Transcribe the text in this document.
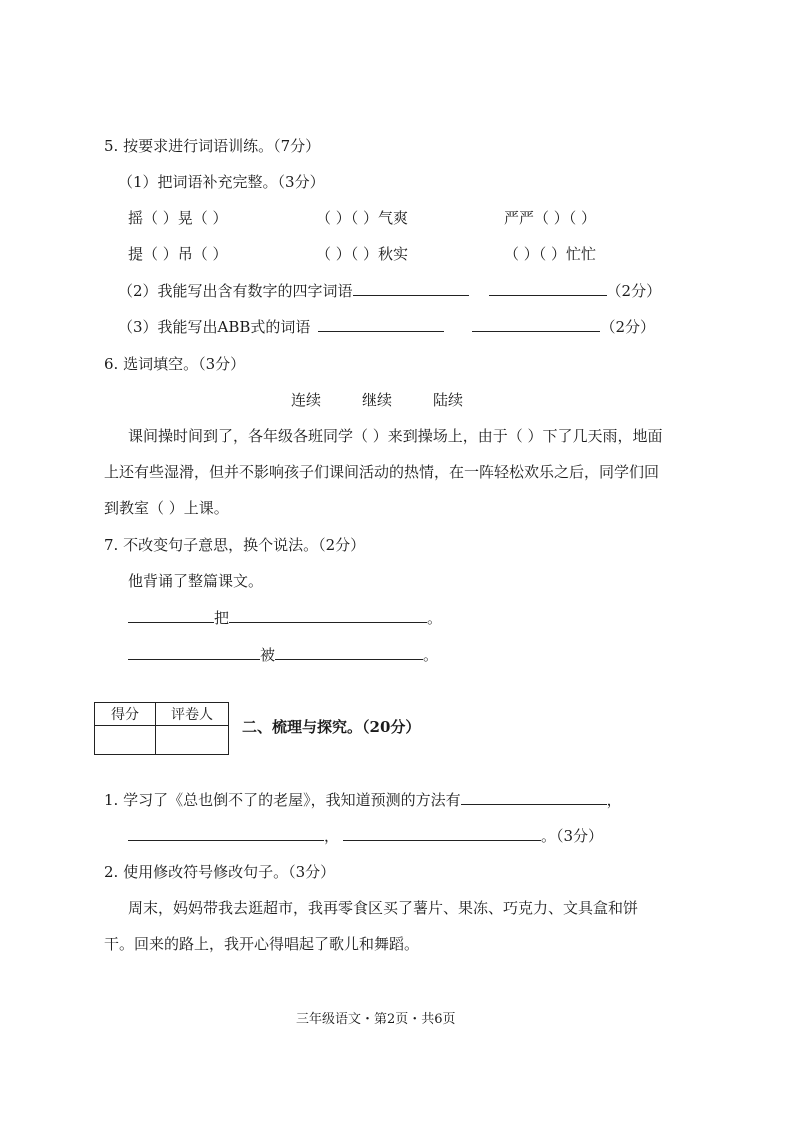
5. 按要求进行词语训练。（7分）
（1）把词语补充完整。（3分）
摇（ ）晃（ ）	（ ）（ ）气爽	严严（ ）（ ）
提（ ）吊（ ）	（ ）（ ）秋实	（ ）（ ）忙忙
（2）我能写出含有数字的四字词语	（2分）
（3）我能写出ABB式的词语	（2分）
6. 选词填空。（3分）
连续	继续	陆续
课间操时间到了，各年级各班同学（ ）来到操场上，由于（ ）下了几天雨，地面上还有些湿滑，但并不影响孩子们课间活动的热情，在一阵轻松欢乐之后，同学们回到教室（ ）上课。
7. 不改变句子意思，换个说法。（2分）
他背诵了整篇课文。
把	。
被	。
得分	评卷人

二、梳理与探究。（20分）
1. 学习了《总也倒不了的老屋》，我知道预测的方法有	，
，	。（3分）
2. 使用修改符号修改句子。（3分）
周末，妈妈带我去逛超市，我再零食区买了薯片、果冻、巧克力、文具盒和饼干。回来的路上，我开心得唱起了歌儿和舞蹈。
三年级语文・第2页・共6页
